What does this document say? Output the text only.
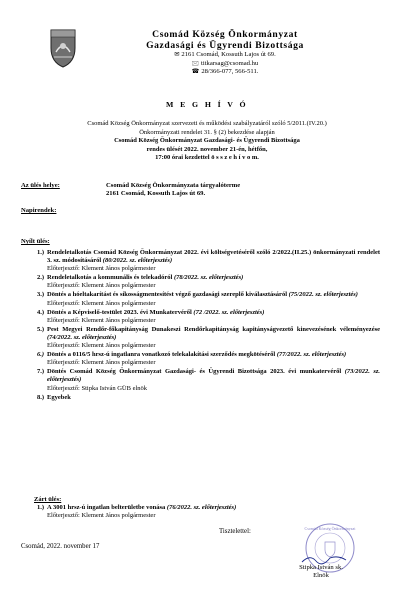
Csomád Község Önkormányzat
Gazdasági és Ügyrendi Bizottsága
✉ 2161 Csomád, Kossuth Lajos út 69.
🖂 titkarsag@csomad.hu
☎ 28/366-077, 566-511.
M E G H Í V Ó
Csomád Község Önkormányzat szervezeti és működési szabályzatáról szóló 5/2011.(IV.20.)
Önkormányzati rendelet 31. § (2) bekezdése alapján
Csomád Község Önkormányzat Gazdasági- és Ügyrendi Bizottsága
rendes ülését 2022. november 21-én, hétfőn,
17:00 órai kezdettel ö s s z e h í v o m.
Az ülés helye:	Csomád Község Önkormányzata tárgyalóterme
2161 Csomád, Kossuth Lajos út 69.
Napirendek:
Nyílt ülés:
1.) Rendeletalkotás Csomád Község Önkormányzat 2022. évi költségvetéséről szóló 2/2022.(II.25.) önkormányzati rendelet 3. sz. módosításáról (80/2022. sz. előterjesztés)
Előterjesztő: Klement János polgármester
2.) Rendeletalkotás a kommunális és telekadóról (78/2022. sz. előterjesztés)
Előterjesztő: Klement János polgármester
3.) Döntés a hóeltakarítást és síkosságmentesítést végző gazdasági szereplő kiválasztásáról (75/2022. sz. előterjesztés)
Előterjesztő: Klement János polgármester
4.) Döntés a Képviselő-testület 2023. évi Munkatervéről (72 /2022. sz. előterjesztés)
Előterjesztő: Klement János polgármester
5.) Pest Megyei Rendőr-főkapitányság Dunakeszi Rendőrkapitányság kapitányságvezető kinevezésének véleményezése (74/2022. sz. előterjesztés)
Előterjesztő: Klement János polgármester
6.) Döntés a 0116/5 hrsz-ú ingatlanra vonatkozó telekalakítási szerződés megkötéséről (77/2022. sz. előterjesztés)
Előterjesztő: Klement János polgármester
7.) Döntés Csomád Község Önkormányzat Gazdasági- és Ügyrendi Bizottsága 2023. évi munkatervéről (73/2022. sz. előterjesztés)
Előterjesztő: Stipka István GÜB elnök
8.) Egyebek
Zárt ülés:
1.) A 3001 hrsz-ú ingatlan belterületbe vonása (76/2022. sz. előterjesztés)
Előterjesztő: Klement János polgármester
Csomád, 2022. november 17
Tisztelettel:	Csomád Község Önkormányzat
Stipka István sk.
Elnök
